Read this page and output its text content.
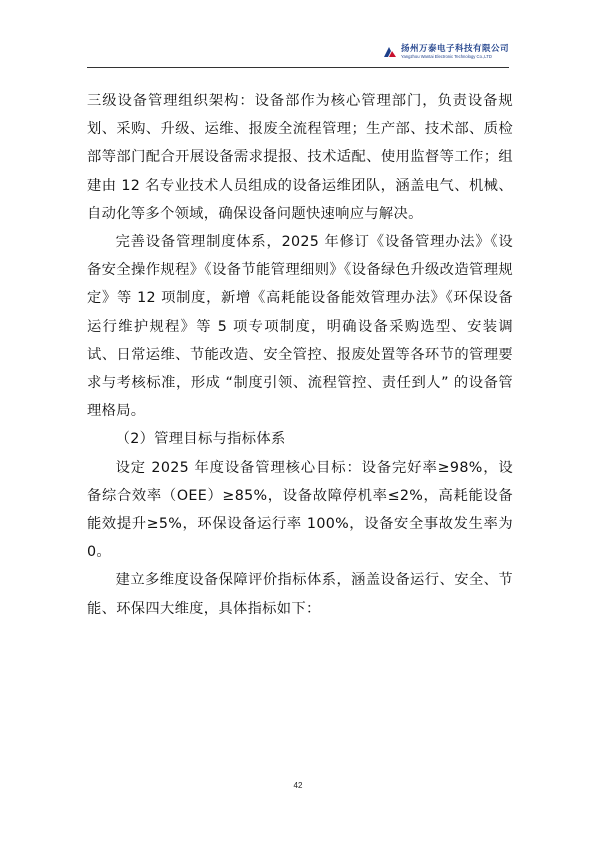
扬州万泰电子科技有限公司
Yangzhou Wantai Electronic Technology Co.,LTD

三级设备管理组织架构：设备部作为核心管理部门，负责设备规划、采购、升级、运维、报废全流程管理；生产部、技术部、质检部等部门配合开展设备需求提报、技术适配、使用监督等工作；组建由 12 名专业技术人员组成的设备运维团队，涵盖电气、机械、自动化等多个领域，确保设备问题快速响应与解决。

完善设备管理制度体系，2025 年修订《设备管理办法》《设备安全操作规程》《设备节能管理细则》《设备绿色升级改造管理规定》等 12 项制度，新增《高耗能设备能效管理办法》《环保设备运行维护规程》等 5 项专项制度，明确设备采购选型、安装调试、日常运维、节能改造、安全管控、报废处置等各环节的管理要求与考核标准，形成 “制度引领、流程管控、责任到人” 的设备管理格局。

（2）管理目标与指标体系

设定 2025 年度设备管理核心目标：设备完好率≥98%，设备综合效率（OEE）≥85%，设备故障停机率≤2%，高耗能设备能效提升≥5%，环保设备运行率 100%，设备安全事故发生率为 0。

建立多维度设备保障评价指标体系，涵盖设备运行、安全、节能、环保四大维度，具体指标如下：

42
